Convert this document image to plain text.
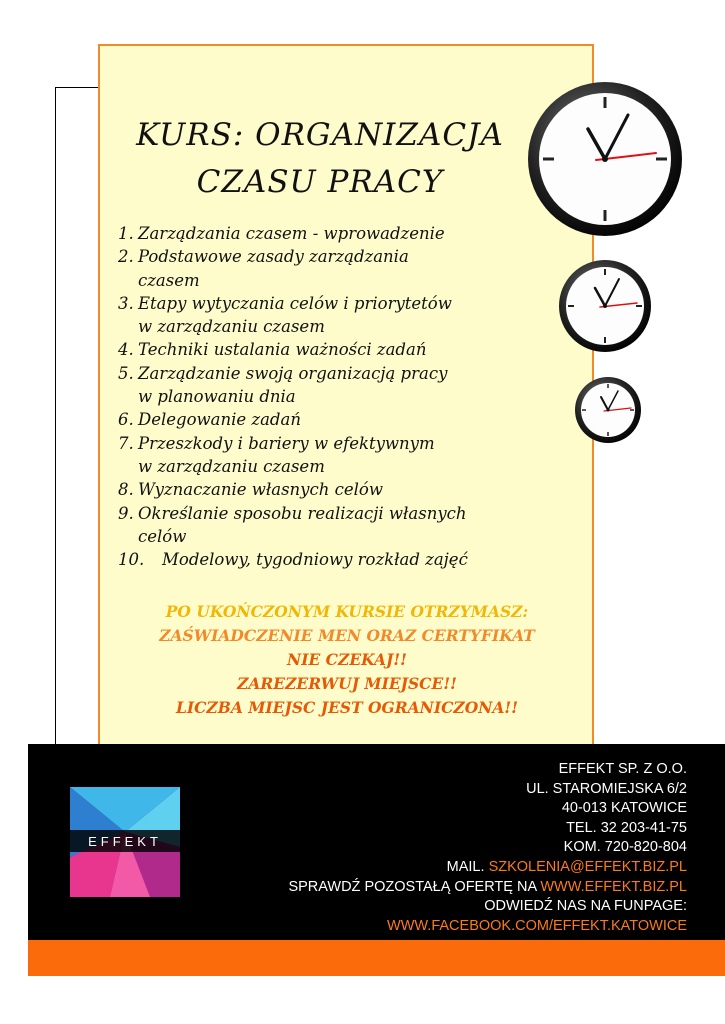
KURS: ORGANIZACJA
CZASU PRACY
1. Zarządzania czasem - wprowadzenie
2. Podstawowe zasady zarządzania
czasem
3. Etapy wytyczania celów i priorytetów
w zarządzaniu czasem
4. Techniki ustalania ważności zadań
5. Zarządzanie swoją organizacją pracy
w planowaniu dnia
6. Delegowanie zadań
7. Przeszkody i bariery w efektywnym
w zarządzaniu czasem
8. Wyznaczanie własnych celów
9. Określanie sposobu realizacji własnych
celów
10.	Modelowy, tygodniowy rozkład zajęć
PO UKOŃCZONYM KURSIE OTRZYMASZ:
ZAŚWIADCZENIE MEN ORAZ CERTYFIKAT
NIE CZEKAJ!!
ZAREZERWUJ MIEJSCE!!
LICZBA MIEJSC JEST OGRANICZONA!!
EFFEKT
EFFEKT SP. Z O.O.
UL. STAROMIEJSKA 6/2
40-013 KATOWICE
TEL. 32 203-41-75
KOM. 720-820-804
MAIL. SZKOLENIA@EFFEKT.BIZ.PL
SPRAWDŹ POZOSTAŁĄ OFERTĘ NA WWW.EFFEKT.BIZ.PL
ODWIEDŹ NAS NA FUNPAGE:
WWW.FACEBOOK.COM/EFFEKT.KATOWICE
